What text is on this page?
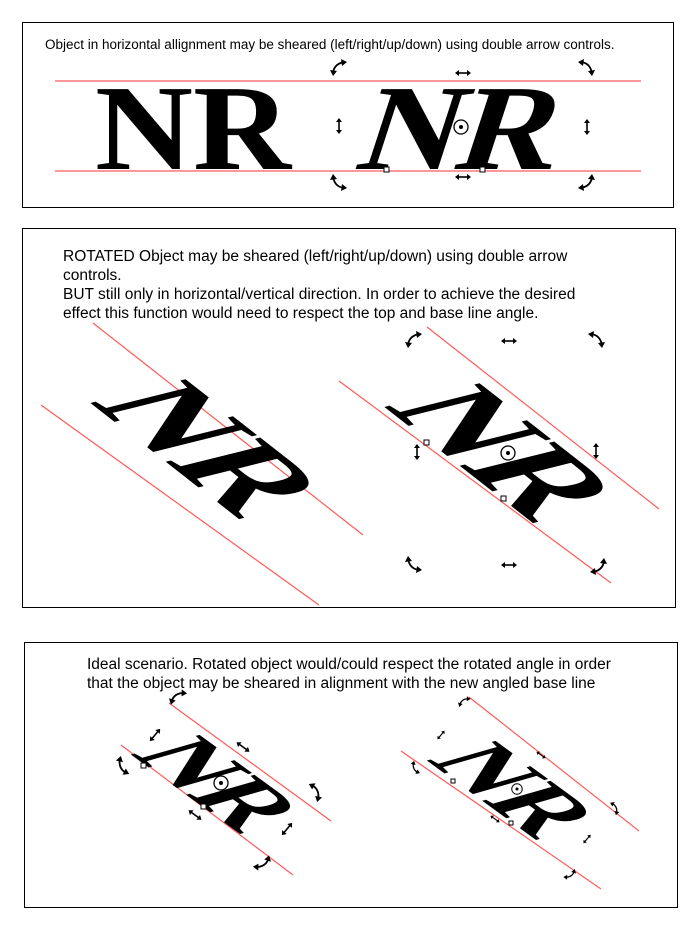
Object in horizontal allignment may be sheared (left/right/up/down) using double arrow controls.

NR NR
ROTATED Object may be sheared (left/right/up/down) using double arrow
controls.
BUT still only in horizontal/vertical direction. In order to achieve the desired
effect this function would need to respect the top and base line angle.
NR NR
Ideal scenario. Rotated object would/could respect the rotated angle in order
that the object may be sheared in alignment with the new angled base line
NR NR
